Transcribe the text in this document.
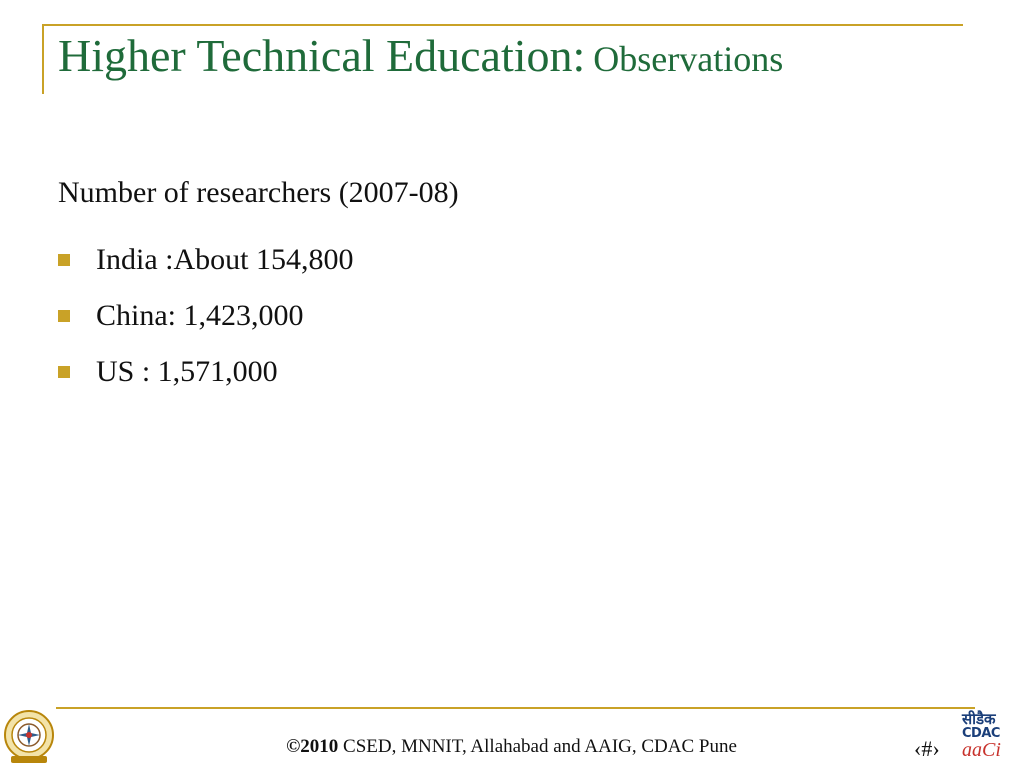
Higher Technical Education: Observations
Number of researchers (2007-08)
India :About 154,800
China: 1,423,000
US : 1,571,000
©2010 CSED, MNNIT, Allahabad and AAIG, CDAC Pune	‹#›
सीडैक
CDAC
aaCi
